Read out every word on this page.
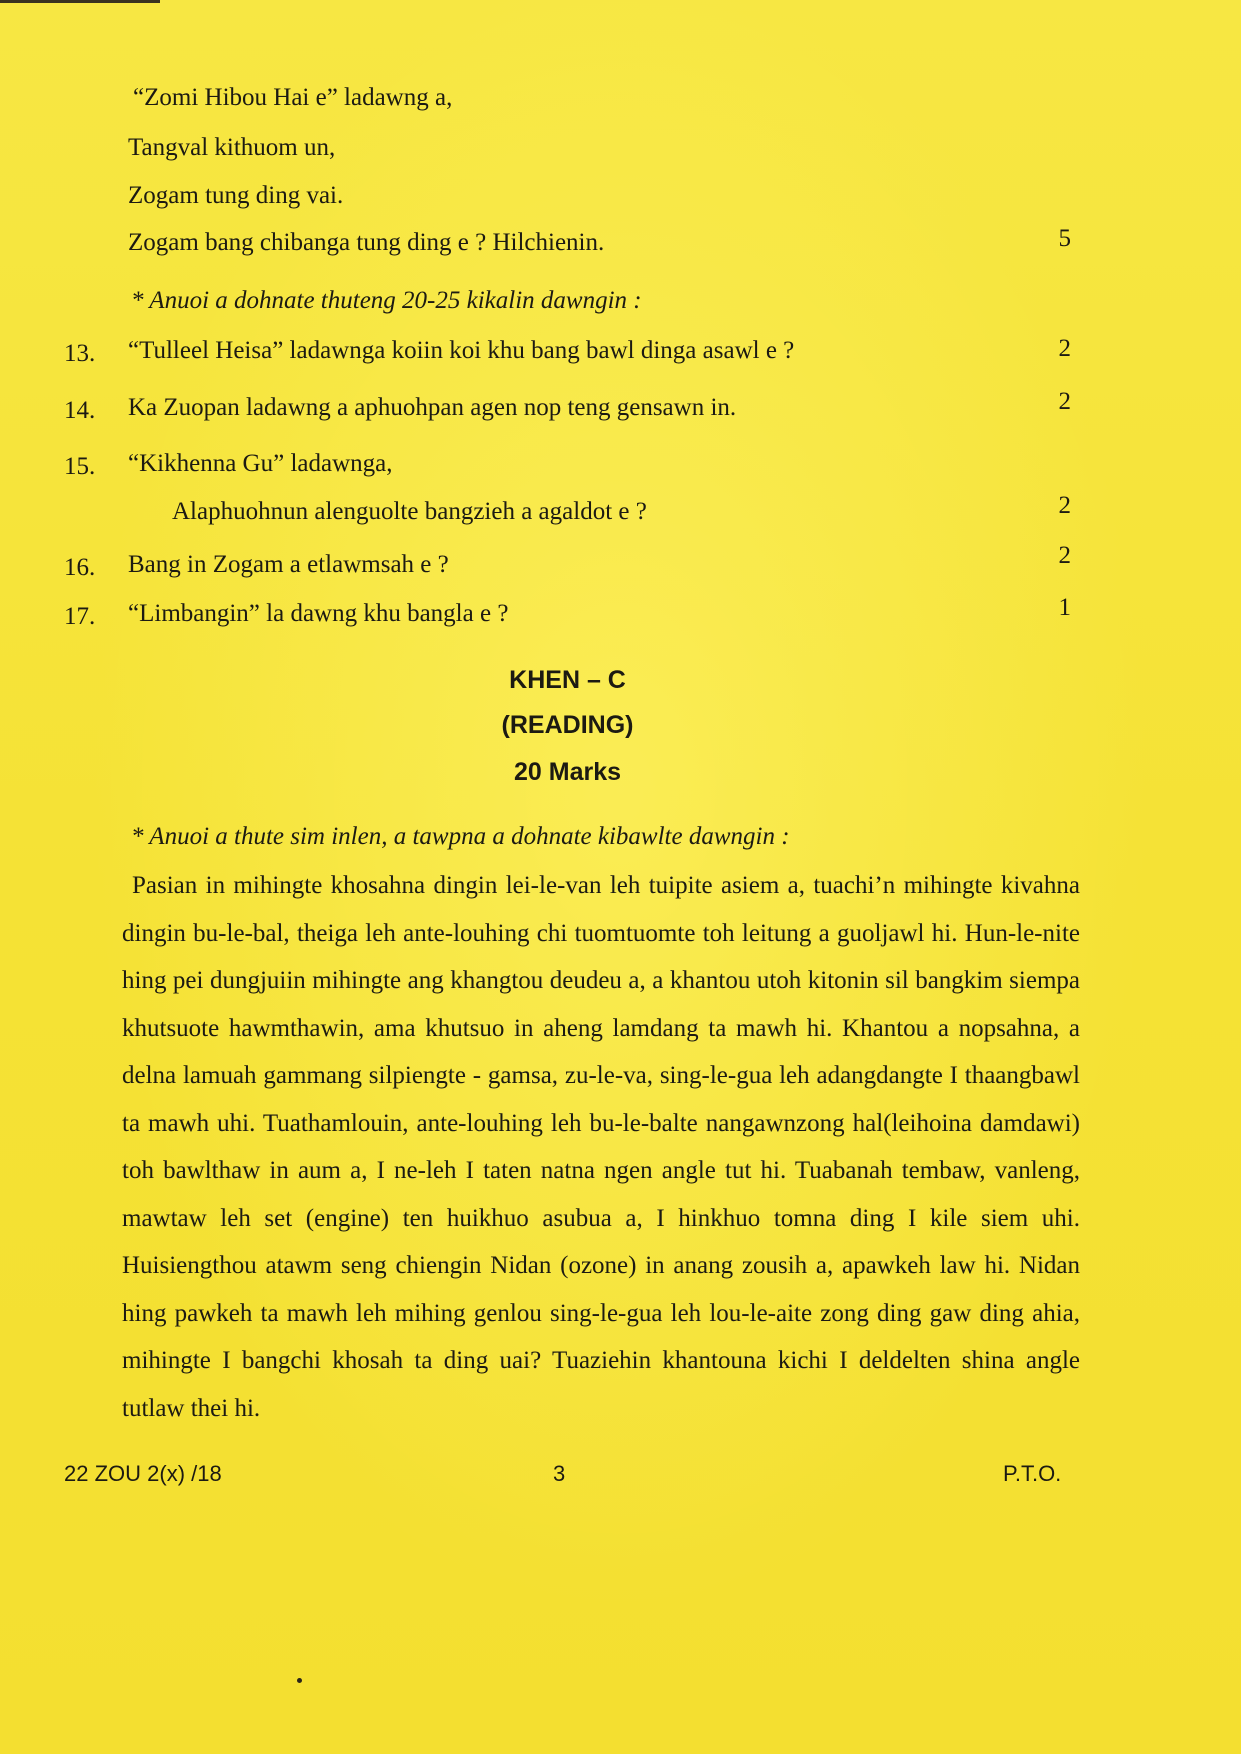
“Zomi Hibou Hai e” ladawng a,
Tangval kithuom un,
Zogam tung ding vai.
Zogam bang chibanga tung ding e ? Hilchienin.	5
* Anuoi a dohnate thuteng 20-25 kikalin dawngin :
13. “Tulleel Heisa” ladawnga koiin koi khu bang bawl dinga asawl e ?	2
14. Ka Zuopan ladawng a aphuohpan agen nop teng gensawn in.	2
15. “Kikhenna Gu” ladawnga,
Alaphuohnun alenguolte bangzieh a agaldot e ?	2
16. Bang in Zogam a etlawmsah e ?	2
17. “Limbangin” la dawng khu bangla e ?	1
KHEN – C
(READING)
20 Marks
* Anuoi a thute sim inlen, a tawpna a dohnate kibawlte dawngin :
Pasian in mihingte khosahna dingin lei-le-van leh tuipite asiem a, tuachi’n mihingte kivahna dingin bu-le-bal, theiga leh ante-louhing chi tuomtuomte toh leitung a guoljawl hi. Hun-le-nite hing pei dungjuiin mihingte ang khangtou deudeu a, a khantou utoh kitonin sil bangkim siempa khutsuote hawmthawin, ama khutsuo in aheng lamdang ta mawh hi. Khantou a nopsahna, a delna lamuah gammang silpiengte - gamsa, zu-le-va, sing-le-gua leh adangdangte I thaangbawl ta mawh uhi. Tuathamlouin, ante-louhing leh bu-le-balte nangawnzong hal(leihoina damdawi) toh bawlthaw in aum a, I ne-leh I taten natna ngen angle tut hi. Tuabanah tembaw, vanleng, mawtaw leh set (engine) ten huikhuo asubua a, I hinkhuo tomna ding I kile siem uhi. Huisiengthou atawm seng chiengin Nidan (ozone) in anang zousih a, apawkeh law hi. Nidan hing pawkeh ta mawh leh mihing genlou sing-le-gua leh lou-le-aite zong ding gaw ding ahia, mihingte I bangchi khosah ta ding uai? Tuaziehin khantouna kichi I deldelten shina angle tutlaw thei hi.
22 ZOU 2(x) /18	3	P.T.O.
